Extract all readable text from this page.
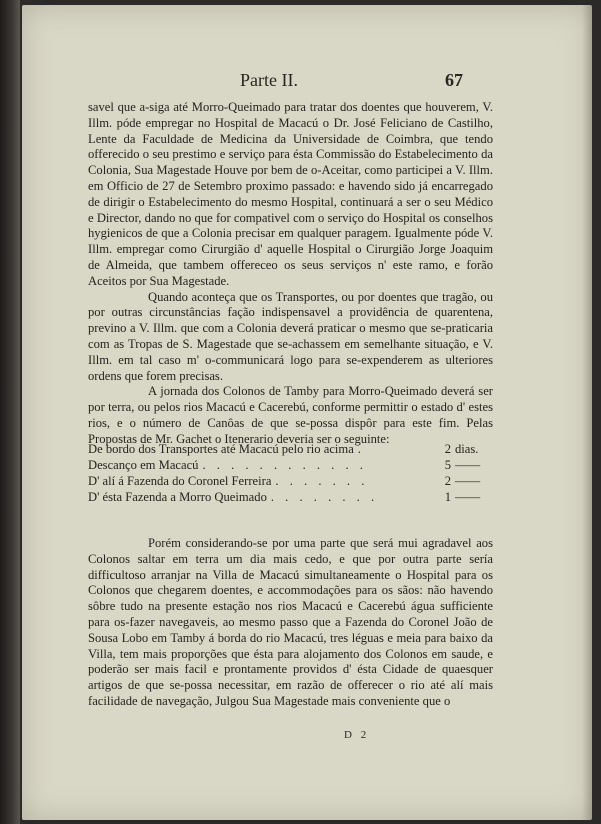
Parte II.	67

savel que a-siga até Morro-Queimado para tratar dos doentes que houverem, V. Illm. póde empregar no Hospital de Macacú o Dr. José Feliciano de Castilho, Lente da Faculdade de Medicina da Universidade de Coimbra, que tendo offerecido o seu prestimo e serviço para ésta Commissão do Estabelecimento da Colonia, Sua Magestade Houve por bem de o-Aceitar, como participei a V. Illm. em Officio de 27 de Setembro proximo passado: e havendo sido já encarregado de dirigir o Estabelecimento do mesmo Hospital, continuará a ser o seu Médico e Director, dando no que for compativel com o serviço do Hospital os conselhos hygienicos de que a Colonia precisar em qualquer paragem. Igualmente póde V. Illm. empregar como Cirurgião d' aquelle Hospital o Cirurgião Jorge Joaquim de Almeida, que tambem offereceo os seus serviços n' este ramo, e forão Aceitos por Sua Magestade.

Quando aconteça que os Transportes, ou por doentes que tragão, ou por outras circunstâncias fação indispensavel a providência de quarentena, previno a V. Illm. que com a Colonia deverá praticar o mesmo que se-praticaria com as Tropas de S. Magestade que se-achassem em semelhante situação, e V. Illm. em tal caso m' o-communicará logo para se-expenderem as ulteriores ordens que forem precisas.

A jornada dos Colonos de Tamby para Morro-Queimado deverá ser por terra, ou pelos rios Macacú e Cacerebú, conforme permittir o estado d' estes rios, e o número de Canôas de que se-possa dispôr para este fim. Pelas Propostas de Mr. Gachet o Itenerario deveria ser o seguinte:

De bordo dos Transportes até Macacú pelo rio acima .	2 dias.
Descanço em Macacú . . . . . . . . . . . .	5 ——
D' alí á Fazenda do Coronel Ferreira . . . . . . .	2 ——
D' ésta Fazenda a Morro Queimado . . . . . . . .	1 ——

Porém considerando-se por uma parte que será mui agradavel aos Colonos saltar em terra um dia mais cedo, e que por outra parte sería difficultoso arranjar na Villa de Macacú simultaneamente o Hospital para os Colonos que chegarem doentes, e accommodações para os sãos: não havendo sôbre tudo na presente estação nos rios Macacú e Cacerebú água sufficiente para os-fazer navegaveis, ao mesmo passo que a Fazenda do Coronel João de Sousa Lobo em Tamby á borda do rio Macacú, tres léguas e meia para baixo da Villa, tem mais proporções que ésta para alojamento dos Colonos em saude, e poderão ser mais facil e prontamente providos d' ésta Cidade de quaesquer artigos de que se-possa necessitar, em razão de offerecer o rio até alí mais facilidade de navegação, Julgou Sua Magestade mais conveniente que o

D 2
